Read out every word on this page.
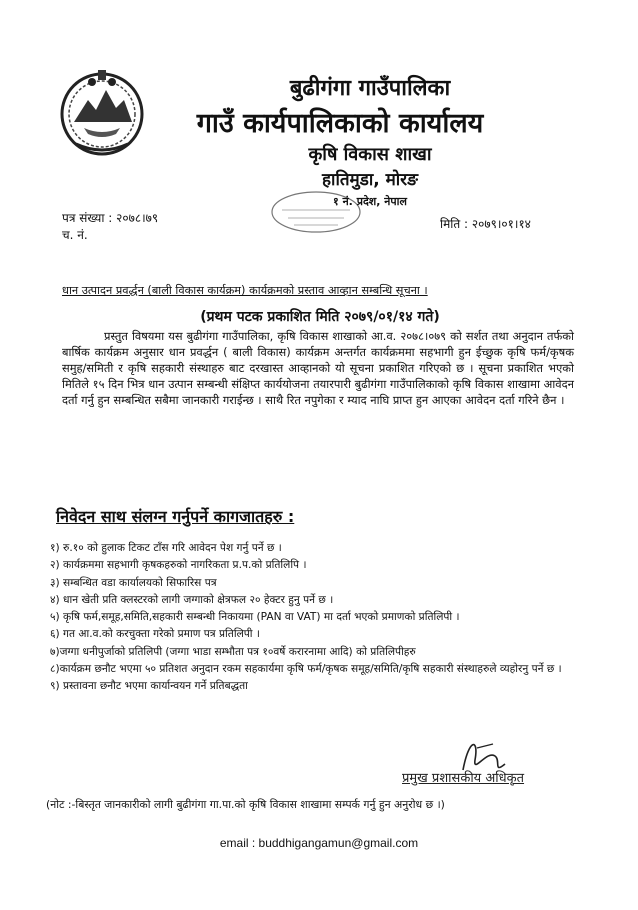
बुढीगंगा गाउँपालिका
गाउँ कार्यपालिकाको कार्यालय
कृषि विकास शाखा
हातिमुडा, मोरङ
१ नं. प्रदेश, नेपाल
पत्र संख्या : २०७८।७९
च. नं.
मिति : २०७९।०१।१४
धान उत्पादन प्रवर्द्धन (बाली विकास कार्यक्रम) कार्यक्रमको प्रस्ताव आव्हान सम्बन्धि सूचना ।
(प्रथम पटक प्रकाशित मिति २०७९/०१/१४ गते)
प्रस्तुत विषयमा यस बुढीगंगा गाउँपालिका, कृषि विकास शाखाको आ.व. २०७८।०७९ को सर्शत तथा अनुदान तर्फको बार्षिक कार्यक्रम अनुसार धान प्रवर्द्धन ( बाली विकास) कार्यक्रम अन्तर्गत कार्यक्रममा सहभागी हुन ईच्छुक कृषि फर्म/कृषक समुह/समिती र कृषि सहकारी संस्थाहरु बाट दरखास्त आव्हानको यो सूचना प्रकाशित गरिएको छ । सूचना प्रकाशित भएको मितिले १५ दिन भित्र धान उत्पान सम्बन्धी संक्षिप्त कार्ययोजना तयारपारी बुढीगंगा गाउँपालिकाको कृषि विकास शाखामा आवेदन दर्ता गर्नु हुन सम्बन्धित सबैमा जानकारी गराईन्छ । साथै रित नपुगेका र म्याद नाघि प्राप्त हुन आएका आवेदन दर्ता गरिने छैन ।
निवेदन साथ संलग्न गर्नुपर्ने कागजातहरु :
१) रु.१० को हुलाक टिकट टाँस गरि आवेदन पेश गर्नु पर्ने छ ।
२) कार्यक्रममा सहभागी कृषकहरुको नागरिकता प्र.प.को प्रतिलिपि ।
३) सम्बन्धित वडा कार्यालयको सिफारिस पत्र
४) धान खेती प्रति क्लस्टरको लागी जग्गाको क्षेत्रफल २० हेक्टर हुनु पर्ने छ ।
५) कृषि फर्म,समूह,समिति,सहकारी सम्बन्धी निकायमा (PAN वा VAT) मा दर्ता भएको प्रमाणको प्रतिलिपी ।
६) गत आ.व.को करचुक्ता गरेको प्रमाण पत्र प्रतिलिपी ।
७)जग्गा धनीपुर्जाको प्रतिलिपी (जग्गा भाडा सम्भौता पत्र १०वर्षे करारनामा आदि) को प्रतिलिपीहरु
८)कार्यक्रम छनौट भएमा ५० प्रतिशत अनुदान रकम सहकार्यमा कृषि फर्म/कृषक समूह/समिति/कृषि सहकारी संस्थाहरुले व्यहोरनु पर्ने छ ।
९) प्रस्तावना छनौट भएमा कार्यान्वयन गर्ने प्रतिबद्धता
प्रमुख प्रशासकीय अधिकृत
(नोट :-बिस्तृत जानकारीको लागी बुढीगंगा गा.पा.को कृषि विकास शाखामा सम्पर्क गर्नु हुन अनुरोध छ ।)
email : buddhigangamun@gmail.com
